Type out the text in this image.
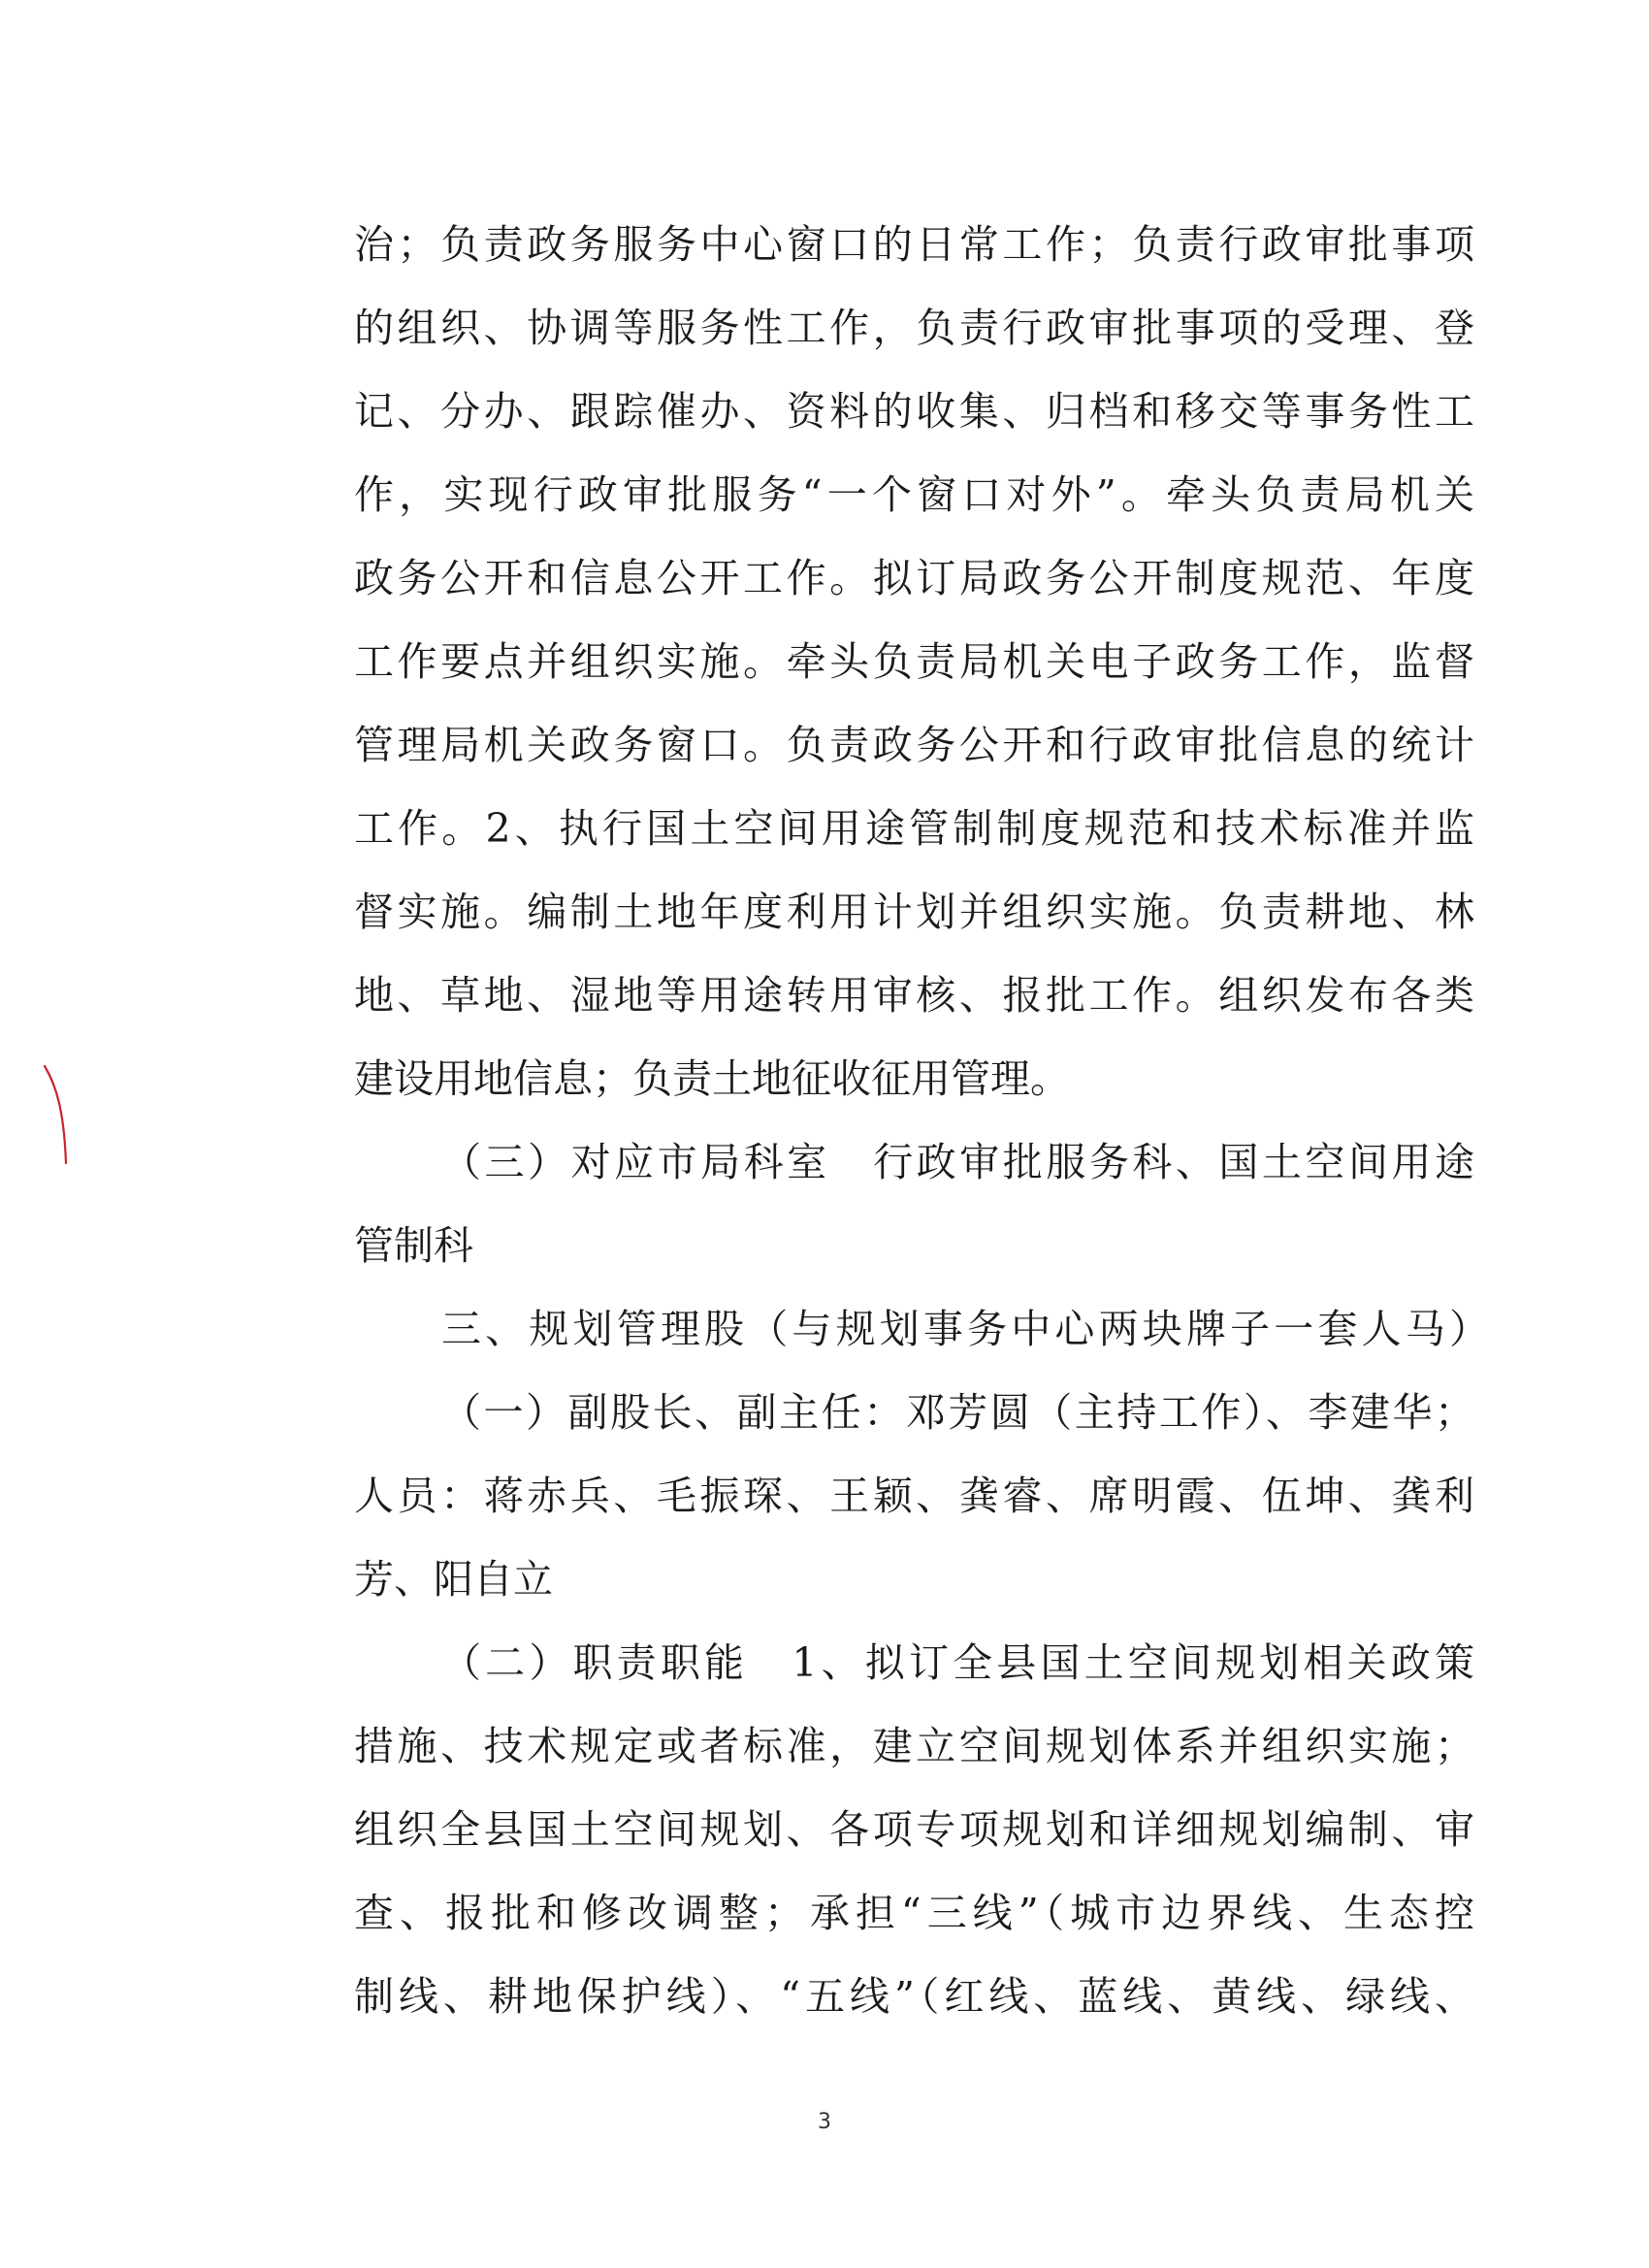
治；负责政务服务中心窗口的日常工作；负责行政审批事项
的组织、协调等服务性工作，负责行政审批事项的受理、登
记、分办、跟踪催办、资料的收集、归档和移交等事务性工
作，实现行政审批服务“一个窗口对外”。牵头负责局机关
政务公开和信息公开工作。拟订局政务公开制度规范、年度
工作要点并组织实施。牵头负责局机关电子政务工作，监督
管理局机关政务窗口。负责政务公开和行政审批信息的统计
工作。2、执行国土空间用途管制制度规范和技术标准并监
督实施。编制土地年度利用计划并组织实施。负责耕地、林
地、草地、湿地等用途转用审核、报批工作。组织发布各类
建设用地信息；负责土地征收征用管理。
（三）对应市局科室　行政审批服务科、国土空间用途
管制科
三、规划管理股（与规划事务中心两块牌子一套人马）
（一）副股长、副主任：邓芳圆（主持工作）、李建华；
人员：蒋赤兵、毛振琛、王颖、龚睿、席明霞、伍坤、龚利
芳、阳自立
（二）职责职能　1、拟订全县国土空间规划相关政策
措施、技术规定或者标准，建立空间规划体系并组织实施；
组织全县国土空间规划、各项专项规划和详细规划编制、审
查、报批和修改调整；承担“三线”（城市边界线、生态控
制线、耕地保护线）、“五线”（红线、蓝线、黄线、绿线、
3
